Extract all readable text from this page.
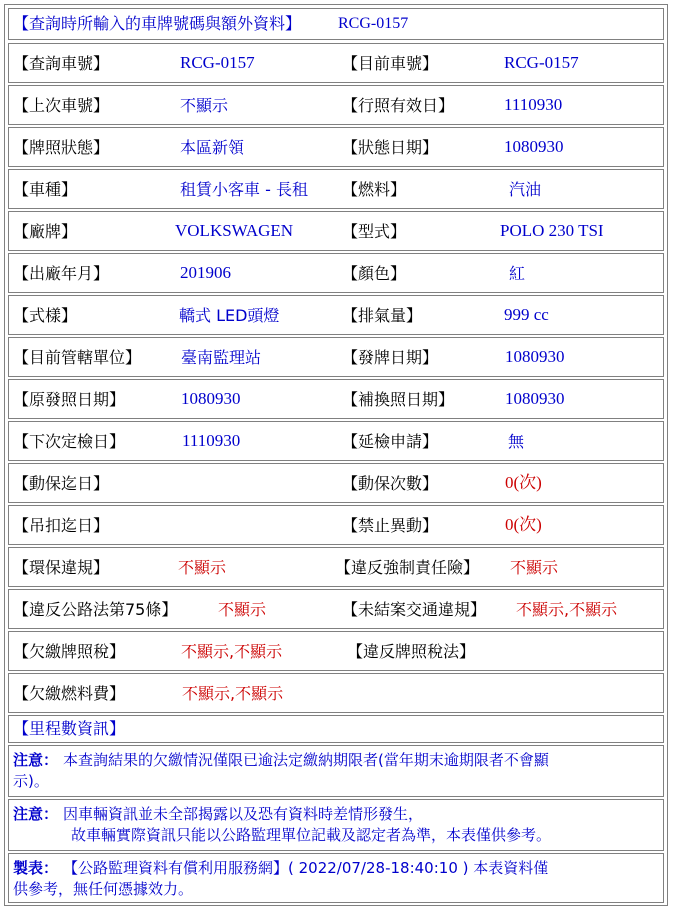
【查詢時所輸入的車牌號碼與額外資料】 RCG-0157
【查詢車號】	RCG-0157	【目前車號】	RCG-0157
【上次車號】	不顯示	【行照有效日】	1110930
【牌照狀態】	本區新領	【狀態日期】	1080930
【車種】	租賃小客車 - 長租 【燃料】	汽油
【廠牌】	VOLKSWAGEN	【型式】	POLO 230 TSI
【出廠年月】	201906	【顏色】	紅
【式樣】	轎式 LED頭燈	【排氣量】	999 cc
【目前管轄單位】 臺南監理站	【發牌日期】	1080930
【原發照日期】	1080930	【補換照日期】	1080930
【下次定檢日】	1110930	【延檢申請】	無
【動保迄日】	【動保次數】	0(次)
【吊扣迄日】	【禁止異動】	0(次)
【環保違規】	不顯示	【違反強制責任險】 不顯示
【違反公路法第75條】	不顯示	【未結案交通違規】 不顯示,不顯示
【欠繳牌照稅】	不顯示,不顯示	【違反牌照稅法】
【欠繳燃料費】	不顯示,不顯示
【里程數資訊】
注意： 本查詢結果的欠繳情況僅限已逾法定繳納期限者(當年期末逾期限者不會顯
示)。
注意： 因車輛資訊並未全部揭露以及恐有資料時差情形發生，
故車輛實際資訊只能以公路監理單位記載及認定者為準，本表僅供參考。
製表： 【公路監理資料有償利用服務網】( 2022/07/28-18:40:10 ) 本表資料僅
供參考，無任何憑據效力。
